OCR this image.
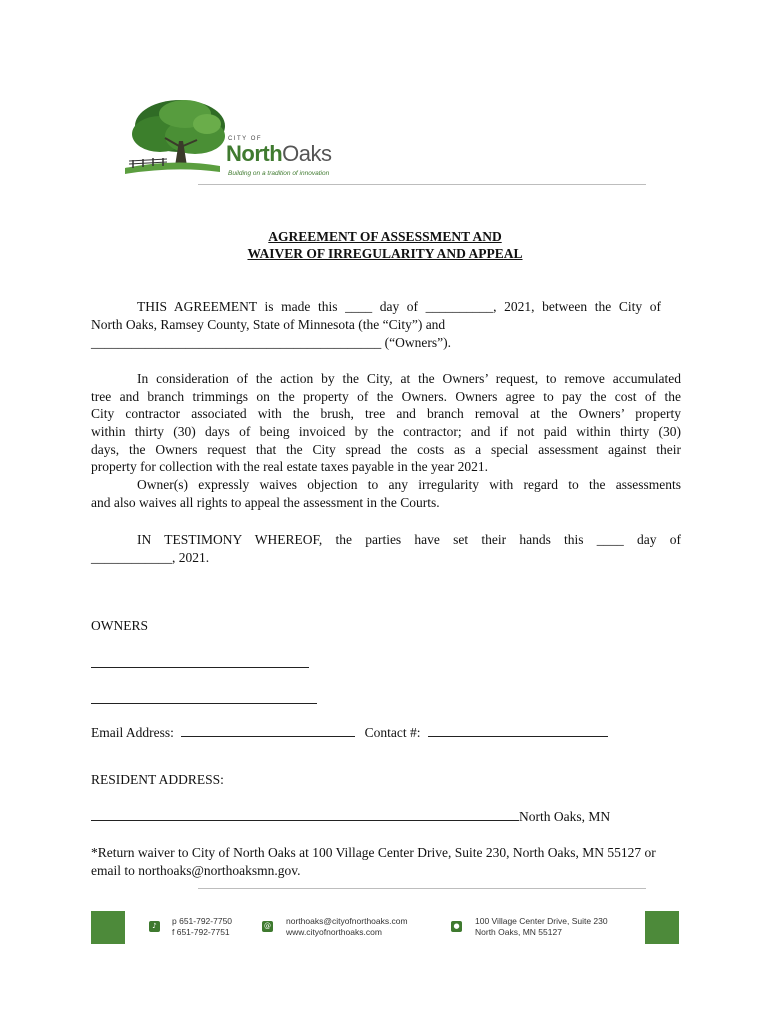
CITY OF
NorthOaks
Building on a tradition of innovation
AGREEMENT OF ASSESSMENT AND
WAIVER OF IRREGULARITY AND APPEAL
THIS AGREEMENT is made this ____ day of __________, 2021, between the City of
North Oaks, Ramsey County, State of Minnesota (the “City”) and
___________________________________________ (“Owners”).
In consideration of the action by the City, at the Owners’ request, to remove accumulated
tree and branch trimmings on the property of the Owners. Owners agree to pay the cost of the
City contractor associated with the brush, tree and branch removal at the Owners’ property
within thirty (30) days of being invoiced by the contractor; and if not paid within thirty (30)
days, the Owners request that the City spread the costs as a special assessment against their
property for collection with the real estate taxes payable in the year 2021.
Owner(s) expressly waives objection to any irregularity with regard to the assessments
and also waives all rights to appeal the assessment in the Courts.
IN TESTIMONY WHEREOF, the parties have set their hands this ____ day of
____________, 2021.
OWNERS
Email Address:	Contact #:
RESIDENT ADDRESS:
North Oaks, MN
*Return waiver to City of North Oaks at 100 Village Center Drive, Suite 230, North Oaks, MN 55127 or email to northoaks@northoaksmn.gov.
♪	p 651-792-7750
f 651-792-7751
@ northoaks@cityofnorthoaks.com
www.cityofnorthoaks.com
● 100 Village Center Drive, Suite 230
North Oaks, MN 55127
